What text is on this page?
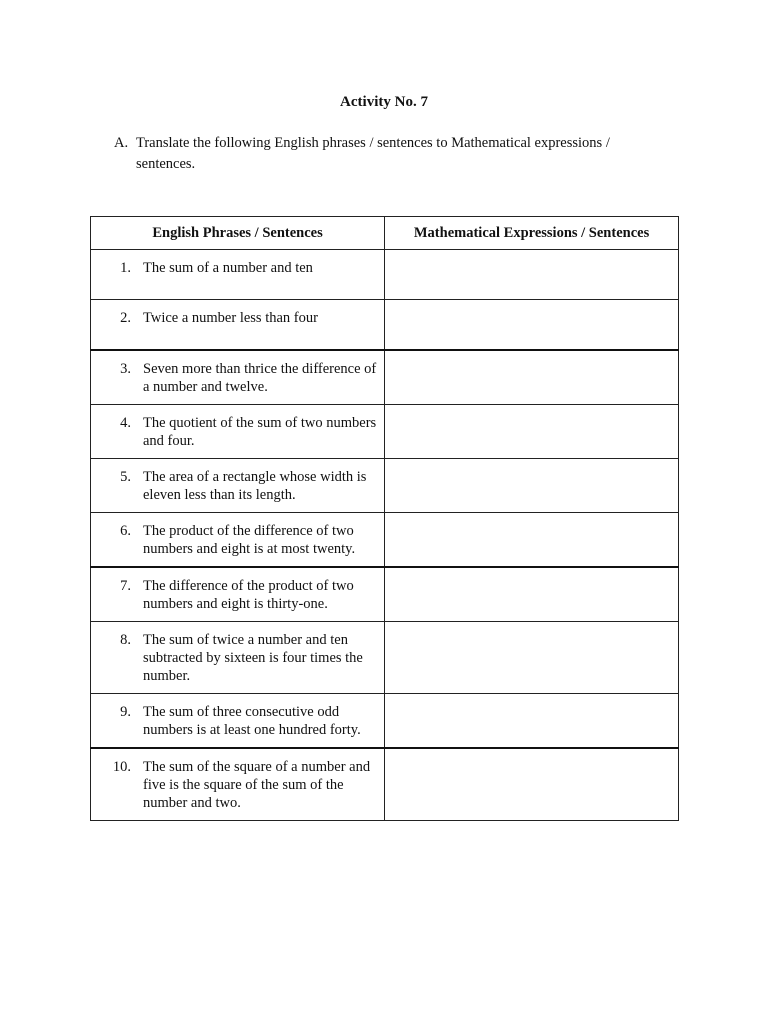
Activity No. 7
A. Translate the following English phrases / sentences to Mathematical expressions / sentences.
English Phrases / Sentences	Mathematical Expressions / Sentences

1. The sum of a number and ten	

2. Twice a number less than four	

3. Seven more than thrice the difference of a number and twelve.	

4. The quotient of the sum of two numbers and four.	

5. The area of a rectangle whose width is eleven less than its length.	

6. The product of the difference of two numbers and eight is at most twenty.	

7. The difference of the product of two numbers and eight is thirty-one.	

8. The sum of twice a number and ten subtracted by sixteen is four times the number.	

9. The sum of three consecutive odd numbers is at least one hundred forty.	

10. The sum of the square of a number and five is the square of the sum of the number and two.	
